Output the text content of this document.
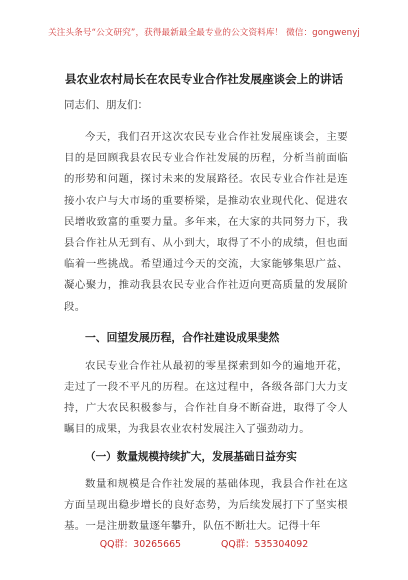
关注头条号“公文研究”，获得最新最全最专业的公文资料库！ 微信：gongwenyj
县农业农村局长在农民专业合作社发展座谈会上的讲话

同志们、朋友们：

今天，我们召开这次农民专业合作社发展座谈会，主要目的是回顾我县农民专业合作社发展的历程，分析当前面临的形势和问题，探讨未来的发展路径。农民专业合作社是连接小农户与大市场的重要桥梁，是推动农业现代化、促进农民增收致富的重要力量。多年来，在大家的共同努力下，我县合作社从无到有、从小到大，取得了不小的成绩，但也面临着一些挑战。希望通过今天的交流，大家能够集思广益、凝心聚力，推动我县农民专业合作社迈向更高质量的发展阶段。

一、回望发展历程，合作社建设成果斐然

农民专业合作社从最初的零星探索到如今的遍地开花，走过了一段不平凡的历程。在这过程中，各级各部门大力支持，广大农民积极参与，合作社自身不断奋进，取得了令人瞩目的成果，为我县农业农村发展注入了强劲动力。

（一）数量规模持续扩大，发展基础日益夯实

数量和规模是合作社发展的基础体现，我县合作社在这方面呈现出稳步增长的良好态势，为后续发展打下了坚实根基。一是注册数量逐年攀升，队伍不断壮大。记得十年

QQ群：30265665	QQ群：535304092
